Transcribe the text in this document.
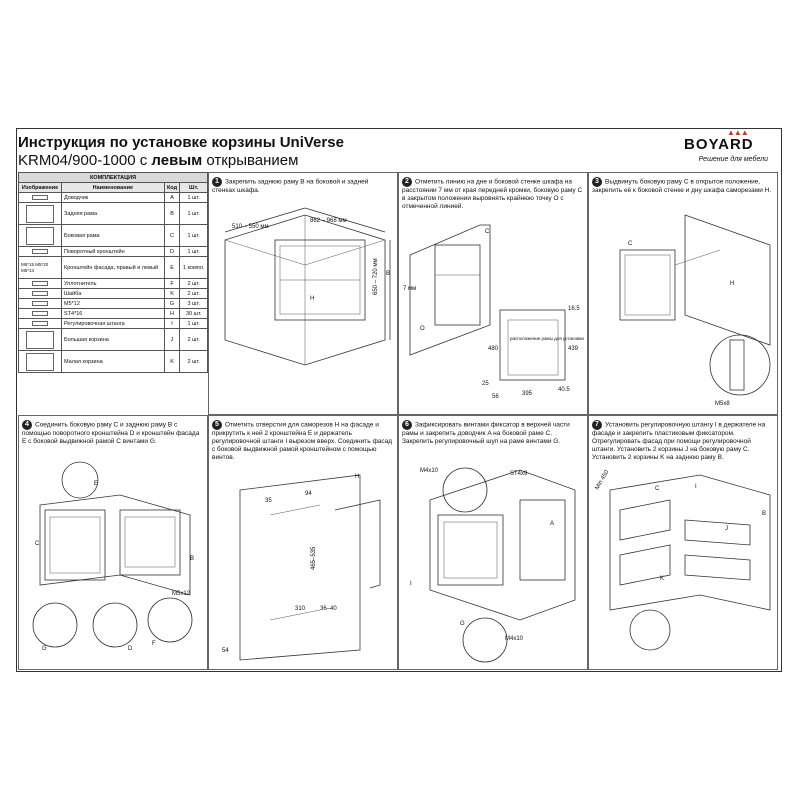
Инструкция по установке корзины UniVerse
KRM04/900-1000 с левым открыванием
▲▲▲
BOYARD
Решение для мебели
КОМПЛЕКТАЦИЯ			
Изображение	Наименование	Код	Шт.

	Доводчик	A	1 шт.

	Задняя рама	B	1 шт.

	Боковая рама	C	1 шт.

	Поворотный кронштейн	D	1 шт.
M5*15 M5*20 M5*13	Кронштейн фасада, правый и левый	E	1 компл.

	Уплотнитель	F	2 шт.

	Шайба	K	2 шт.

	M5*12	G	3 шт.

	ST4*16	H	30 шт.

	Регулировочная штанга	I	1 шт.

	Большая корзина	J	2 шт.

	Малая корзина	K	2 шт.
1 Закрепить заднюю раму B на боковой и задней стенках шкафа.
2 Отметить линию на дне и боковой стенке шкафа на расстоянии 7 мм от края передней кромки, боковую раму C в закрытом положении выровнять крайнюю точку O с отмеченной линией.
3 Выдвинуть боковую раму C в открытое положение, закрепить её к боковой стенке и дну шкафа саморезами H.
4 Соединить боковую раму C и заднюю раму B с помощью поворотного кронштейна D и кронштейн фасада E с боковой выдвижной рамой C винтами G.
5 Отметить отверстия для саморезов H на фасаде и прикрутить к ней 2 кронштейна E и держатель регулировочной штанги I вырезом вверх. Соединить фасад с боковой выдвижной рамой кронштейном с помощью винтов.
6 Зафиксировать винтами фиксатор в верхней части рамы и закрепить доводчик A на боковой раме C. Закрепить регулировочный шуп на раме винтами G.
7 Установить регулировочную штангу I в держателе на фасаде и закрепить пластиковым фиксатором. Отрегулировать фасад при помощи регулировочной штанги. Установить 2 корзины J на боковую раму C. Установить 2 корзины K на заднюю раму B.
510 – 550 мм
862 – 968 мм
650 – 720 мм B
H
C
7 мм
O
16.5
480	439
расположение рамы для установки
395
25
56
40.5
C
H
M5x8
C
B
E
D
G
F
M5x12
35
310
94
465–535
36–40
54
H
M4x10	ST4x9
A
I
G
M4x10
I
C
J
B
K
Min 450
